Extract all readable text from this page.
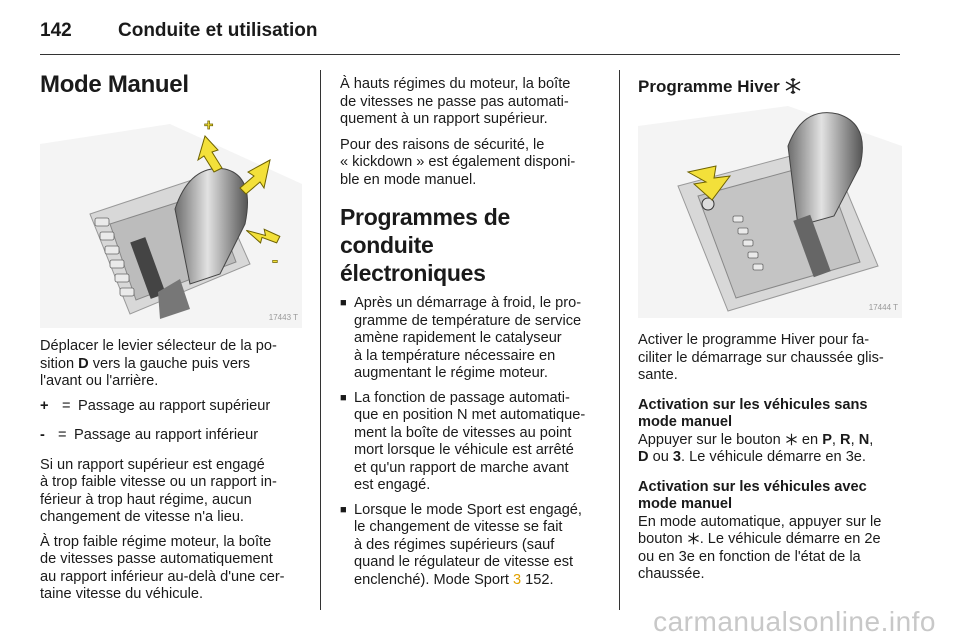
142 Conduite et utilisation
Mode Manuel
+
-
17443 T

Déplacer le levier sélecteur de la po-
sition D vers la gauche puis vers
l'avant ou l'arrière.

+ = Passage au rapport supérieur
- = Passage au rapport inférieur

Si un rapport supérieur est engagé
à trop faible vitesse ou un rapport in-
férieur à trop haut régime, aucun
changement de vitesse n'a lieu.

À trop faible régime moteur, la boîte
de vitesses passe automatiquement
au rapport inférieur au-delà d'une cer-
taine vitesse du véhicule.

À hauts régimes du moteur, la boîte
de vitesses ne passe pas automati-
quement à un rapport supérieur.

Pour des raisons de sécurité, le
« kickdown » est également disponi-
ble en mode manuel.

Programmes de conduite
électroniques
■ Après un démarrage à froid, le pro-
gramme de température de service
amène rapidement le catalyseur
à la température nécessaire en
augmentant le régime moteur.
■ La fonction de passage automati-
que en position N met automatique-
ment la boîte de vitesses au point
mort lorsque le véhicule est arrêté
et qu'un rapport de marche avant
est engagé.
■ Lorsque le mode Sport est engagé,
le changement de vitesse se fait
à des régimes supérieurs (sauf
quand le régulateur de vitesse est
enclenché). Mode Sport 3 152.
Programme Hiver
17444 T

Activer le programme Hiver pour fa-
ciliter le démarrage sur chaussée glis-
sante.

Activation sur les véhicules sans
mode manuel

Appuyer sur le bouton  en P, R, N,
D ou 3. Le véhicule démarre en 3e.

Activation sur les véhicules avec
mode manuel

En mode automatique, appuyer sur le
bouton . Le véhicule démarre en 2e
ou en 3e en fonction de l'état de la
chaussée.

carmanualsonline.info
